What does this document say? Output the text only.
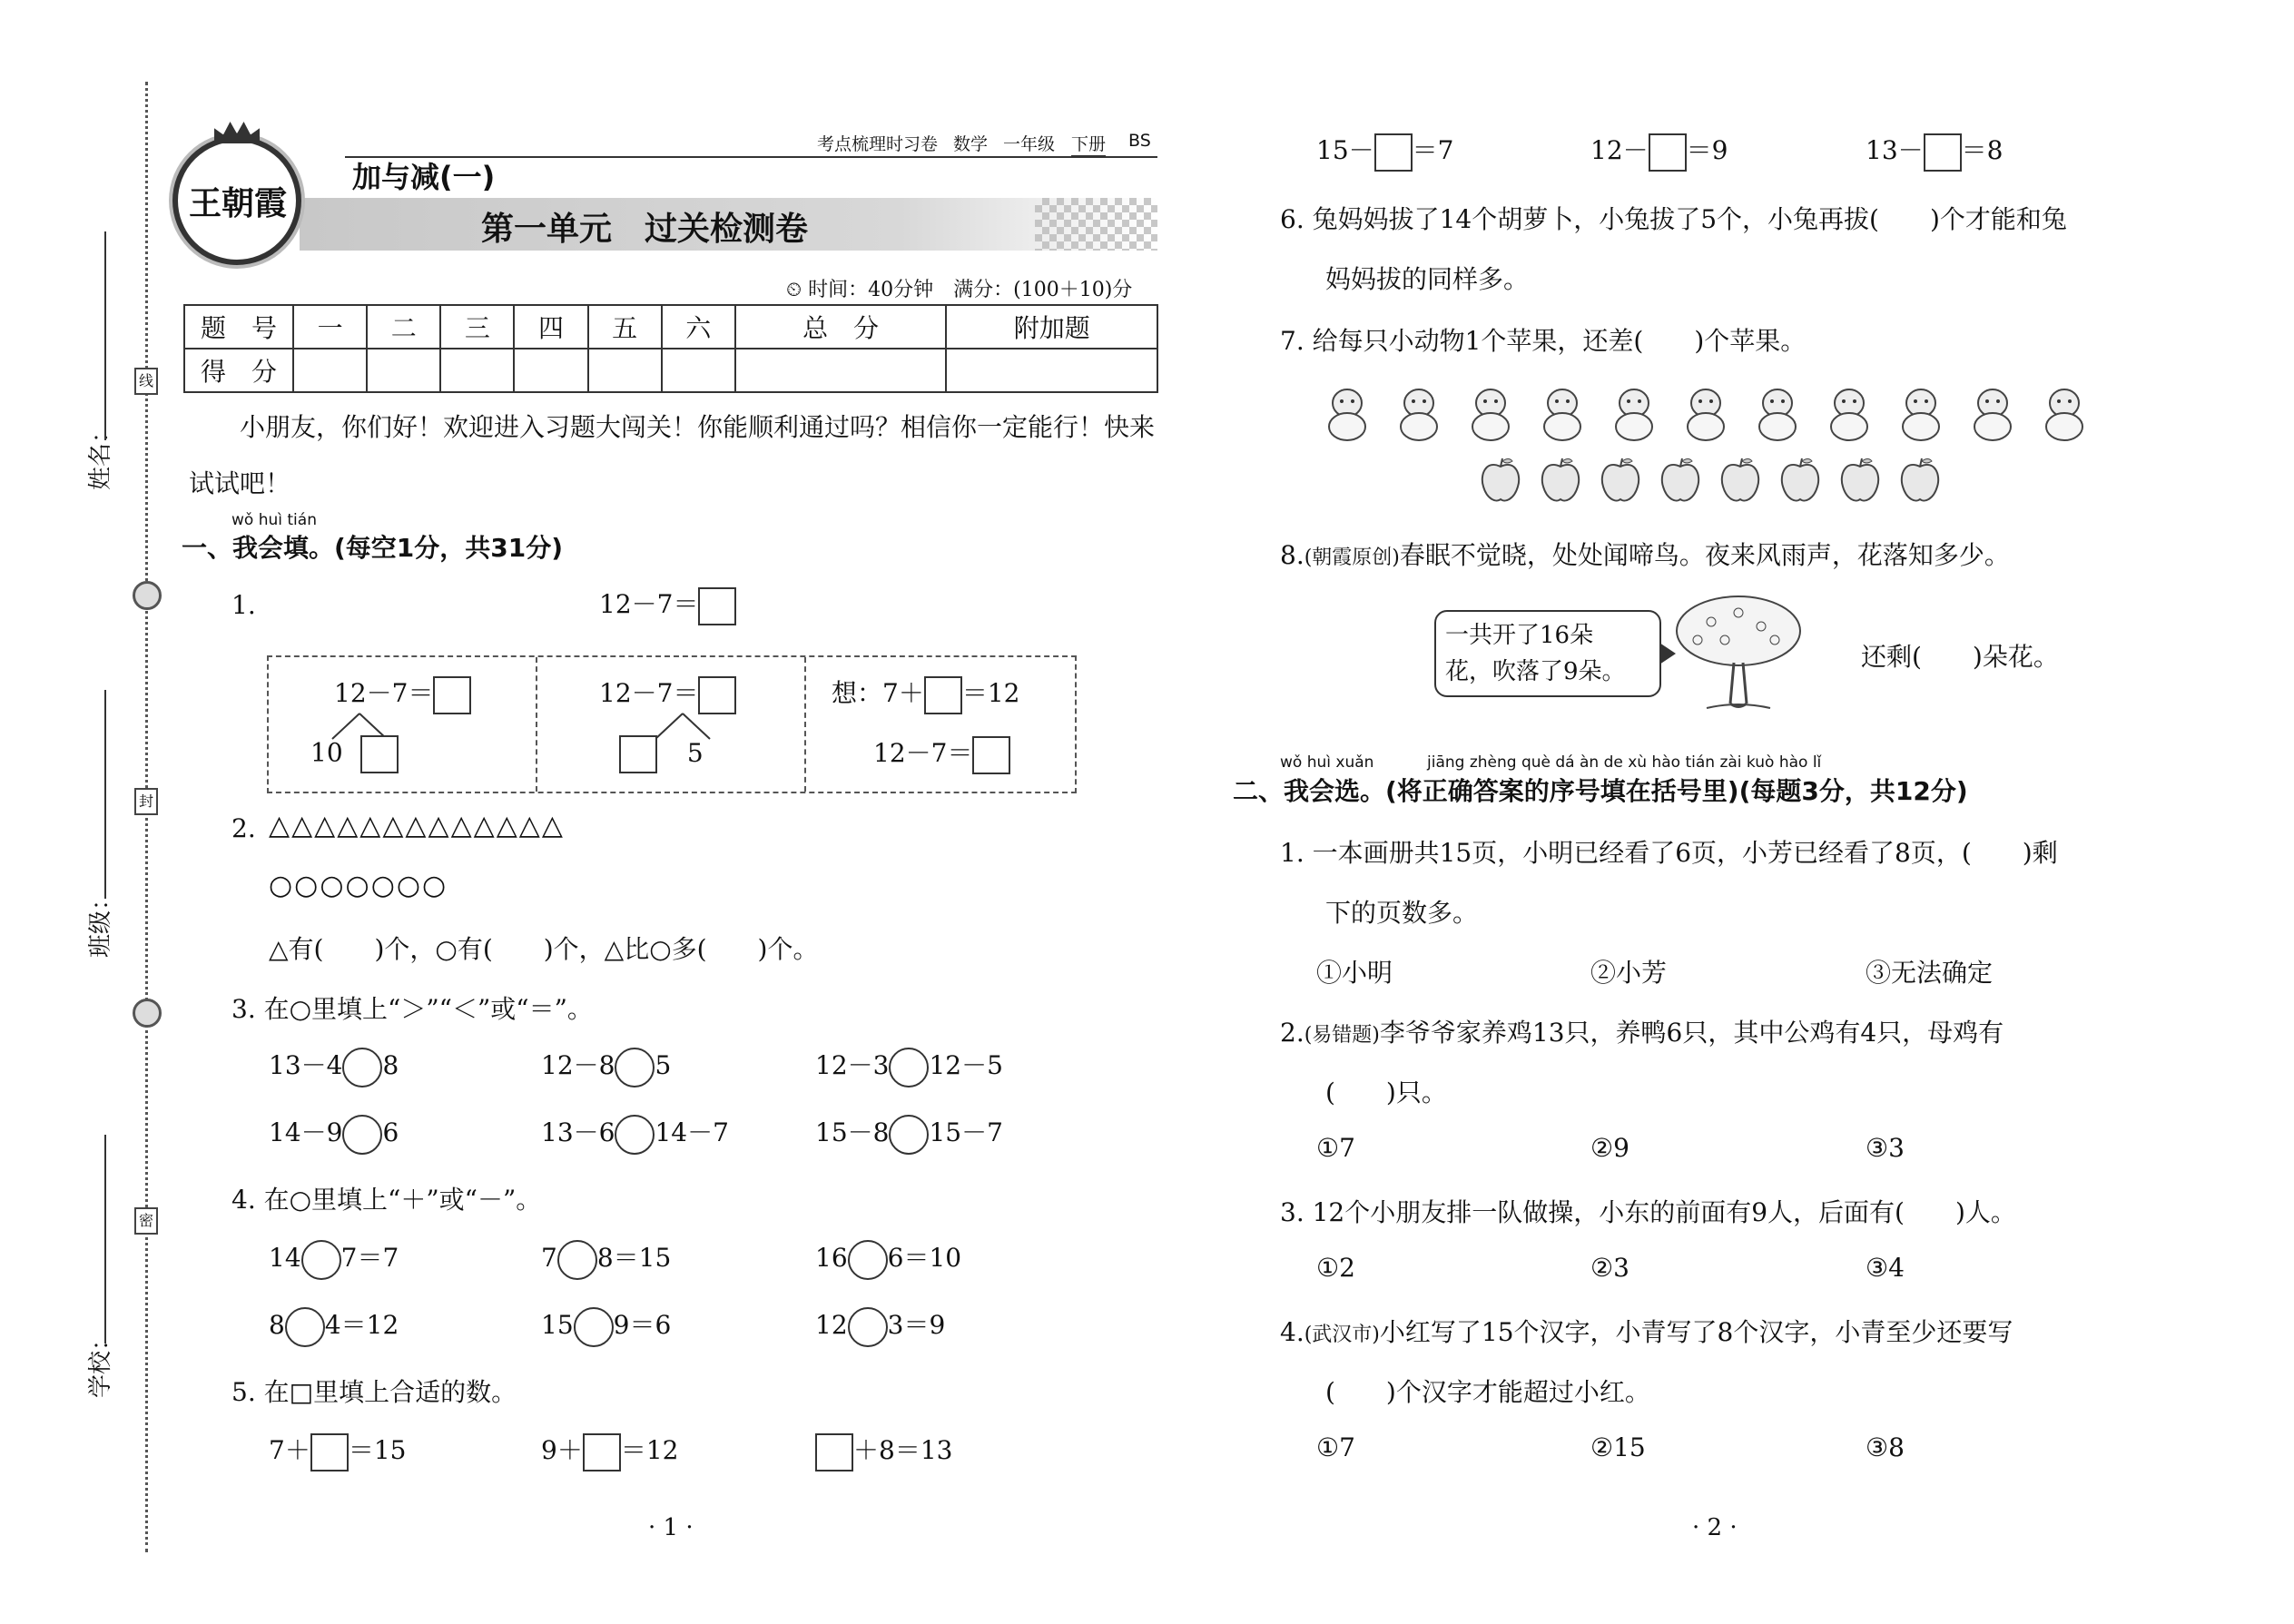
线
封
密
姓名：
班级：
学校：
王朝霞
考点梳理时习卷 数学 一年级 下册 BS
加与减(一)
第一单元　过关检测卷
⏲ 时间：40分钟　满分：(100＋10)分
题　号	一	二	三	四	五	六	总　分	附加题
得　分								
小朋友，你们好！欢迎进入习题大闯关！你能顺利通过吗？相信你一定能行！快来试试吧！
wǒ huì tián
一、我会填。(每空1分，共31分)
1.	12－7＝
12－7＝
10
12－7＝
5
想：7＋ ＝12
12－7＝
2. △△△△△△△△△△△△△
○○○○○○○
△有(　　)个，○有(　　)个，△比○多(　　)个。
3. 在○里填上“＞”“＜”或“＝”。
13－4 8	12－8 5	12－3 12－5
14－9 6	13－6 14－7	15－8 15－7
4. 在○里填上“＋”或“－”。
14 7＝7	7 8＝15	16 6＝10
8 4＝12	15 9＝6	12 3＝9
5. 在□里填上合适的数。
7＋ ＝15	9＋ ＝12	＋8＝13
· 1 ·
15－ ＝7	12－ ＝9	13－ ＝8
6. 兔妈妈拔了14个胡萝卜，小兔拔了5个，小兔再拔(　　)个才能和兔
妈妈拔的同样多。
7. 给每只小动物1个苹果，还差(　　)个苹果。
8.(朝霞原创)春眠不觉晓，处处闻啼鸟。夜来风雨声，花落知多少。
一共开了16朵
花，吹落了9朵。	还剩(　　)朵花。
wǒ huì xuǎn	jiāng zhèng què dá àn de xù hào tián zài kuò hào lǐ
二、我会选。(将正确答案的序号填在括号里)(每题3分，共12分)
1. 一本画册共15页，小明已经看了6页，小芳已经看了8页，(　　)剩
下的页数多。
①小明	②小芳	③无法确定
2.(易错题)李爷爷家养鸡13只，养鸭6只，其中公鸡有4只，母鸡有
(　　)只。
①7	②9	③3
3. 12个小朋友排一队做操，小东的前面有9人，后面有(　　)人。
①2	②3	③4
4.(武汉市)小红写了15个汉字，小青写了8个汉字，小青至少还要写
(　　)个汉字才能超过小红。
①7	②15	③8
· 2 ·
